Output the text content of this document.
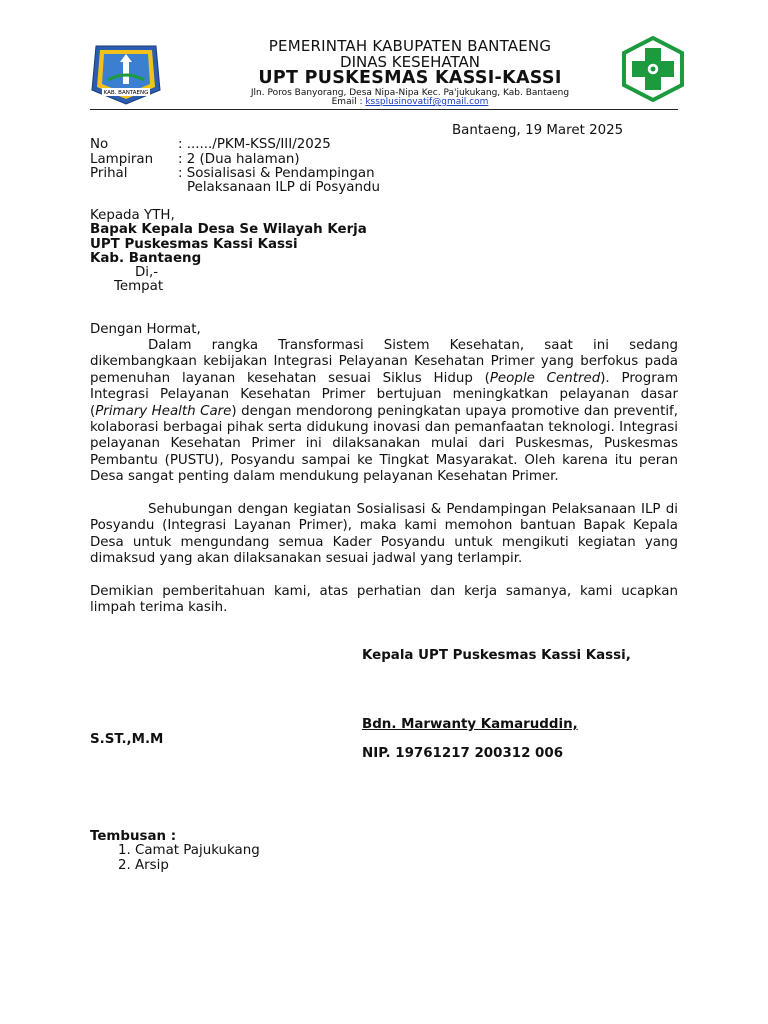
KAB. BANTAENG
PEMERINTAH KABUPATEN BANTAENG
DINAS KESEHATAN
UPT PUSKESMAS KASSI-KASSI
Jln. Poros Banyorang, Desa Nipa-Nipa Kec. Pa'jukukang, Kab. Bantaeng
Email : kssplusinovatif@gmail.com
Bantaeng, 19 Maret 2025
No	: ....../PKM-KSS/III/2025
Lampiran : 2 (Dua halaman)
Prihal	: Sosialisasi & Pendampingan
Pelaksanaan ILP di Posyandu
Kepada YTH,
Bapak Kepala Desa Se Wilayah Kerja
UPT Puskesmas Kassi Kassi
Kab. Bantaeng
Di,-
Tempat
Dengan Hormat,
Dalam rangka Transformasi Sistem Kesehatan, saat ini sedang dikembangkaan kebijakan Integrasi Pelayanan Kesehatan Primer yang berfokus pada pemenuhan layanan kesehatan sesuai Siklus Hidup (People Centred). Program Integrasi Pelayanan Kesehatan Primer bertujuan meningkatkan pelayanan dasar (Primary Health Care) dengan mendorong peningkatan upaya promotive dan preventif, kolaborasi berbagai pihak serta didukung inovasi dan pemanfaatan teknologi. Integrasi pelayanan Kesehatan Primer ini dilaksanakan mulai dari Puskesmas, Puskesmas Pembantu (PUSTU), Posyandu sampai ke Tingkat Masyarakat. Oleh karena itu peran Desa sangat penting dalam mendukung pelayanan Kesehatan Primer.
Sehubungan dengan kegiatan Sosialisasi & Pendampingan Pelaksanaan ILP di Posyandu (Integrasi Layanan Primer), maka kami memohon bantuan Bapak Kepala Desa untuk mengundang semua Kader Posyandu untuk mengikuti kegiatan yang dimaksud yang akan dilaksanakan sesuai jadwal yang terlampir.
Demikian pemberitahuan kami, atas perhatian dan kerja samanya, kami ucapkan limpah terima kasih.
Kepala UPT Puskesmas Kassi Kassi,
Bdn. Marwanty Kamaruddin,
S.ST.,M.M
NIP. 19761217 200312 006
Tembusan :
1. Camat Pajukukang
2. Arsip
